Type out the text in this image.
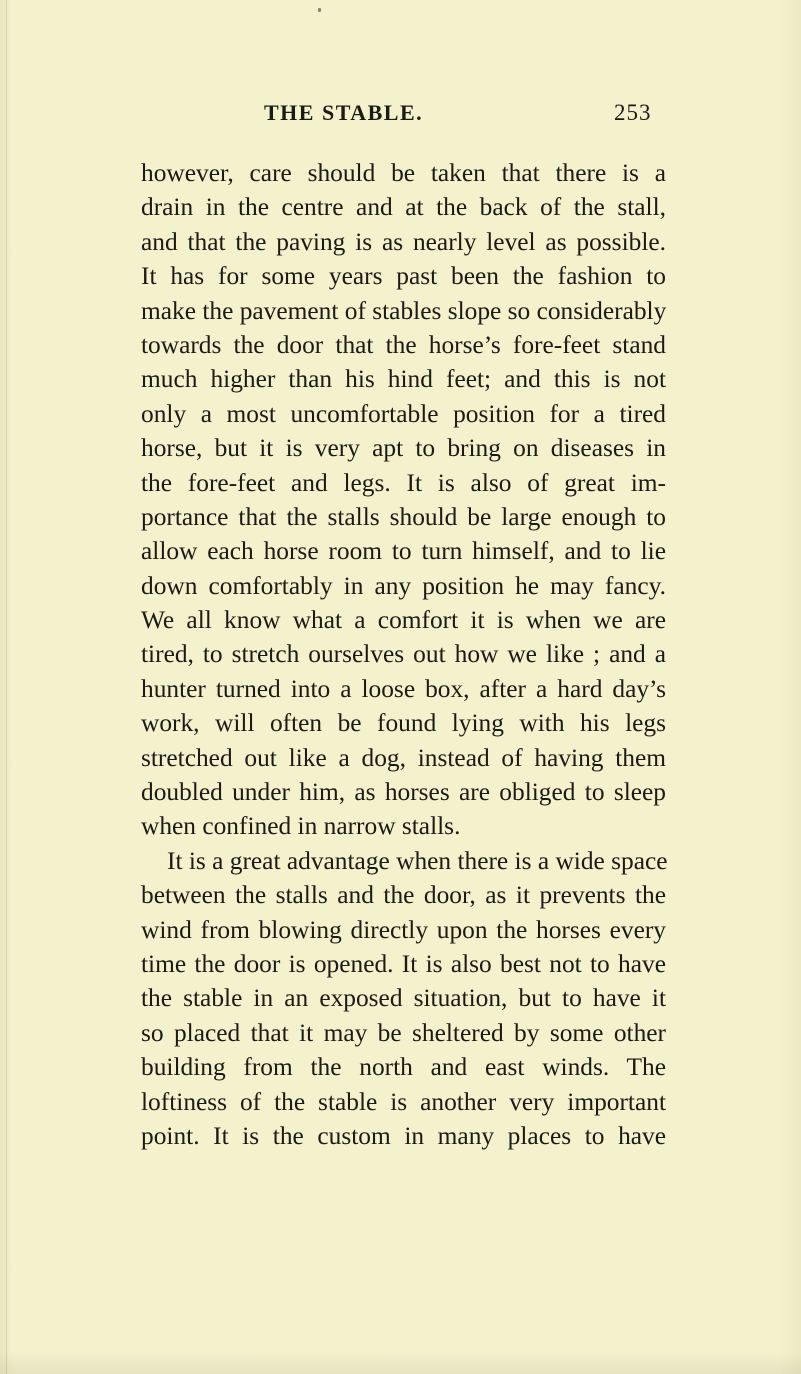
THE STABLE.	253
however, care should be taken that there is a
drain in the centre and at the back of the stall,
and that the paving is as nearly level as possible.
It has for some years past been the fashion to
make the pavement of stables slope so considerably
towards the door that the horse’s fore-feet stand
much higher than his hind feet; and this is not
only a most uncomfortable position for a tired
horse, but it is very apt to bring on diseases in
the fore-feet and legs. It is also of great im-
portance that the stalls should be large enough to
allow each horse room to turn himself, and to lie
down comfortably in any position he may fancy.
We all know what a comfort it is when we are
tired, to stretch ourselves out how we like ; and a
hunter turned into a loose box, after a hard day’s
work, will often be found lying with his legs
stretched out like a dog, instead of having them
doubled under him, as horses are obliged to sleep
when confined in narrow stalls.
It is a great advantage when there is a wide space
between the stalls and the door, as it prevents the
wind from blowing directly upon the horses every
time the door is opened. It is also best not to have
the stable in an exposed situation, but to have it
so placed that it may be sheltered by some other
building from the north and east winds. The
loftiness of the stable is another very important
point. It is the custom in many places to have
